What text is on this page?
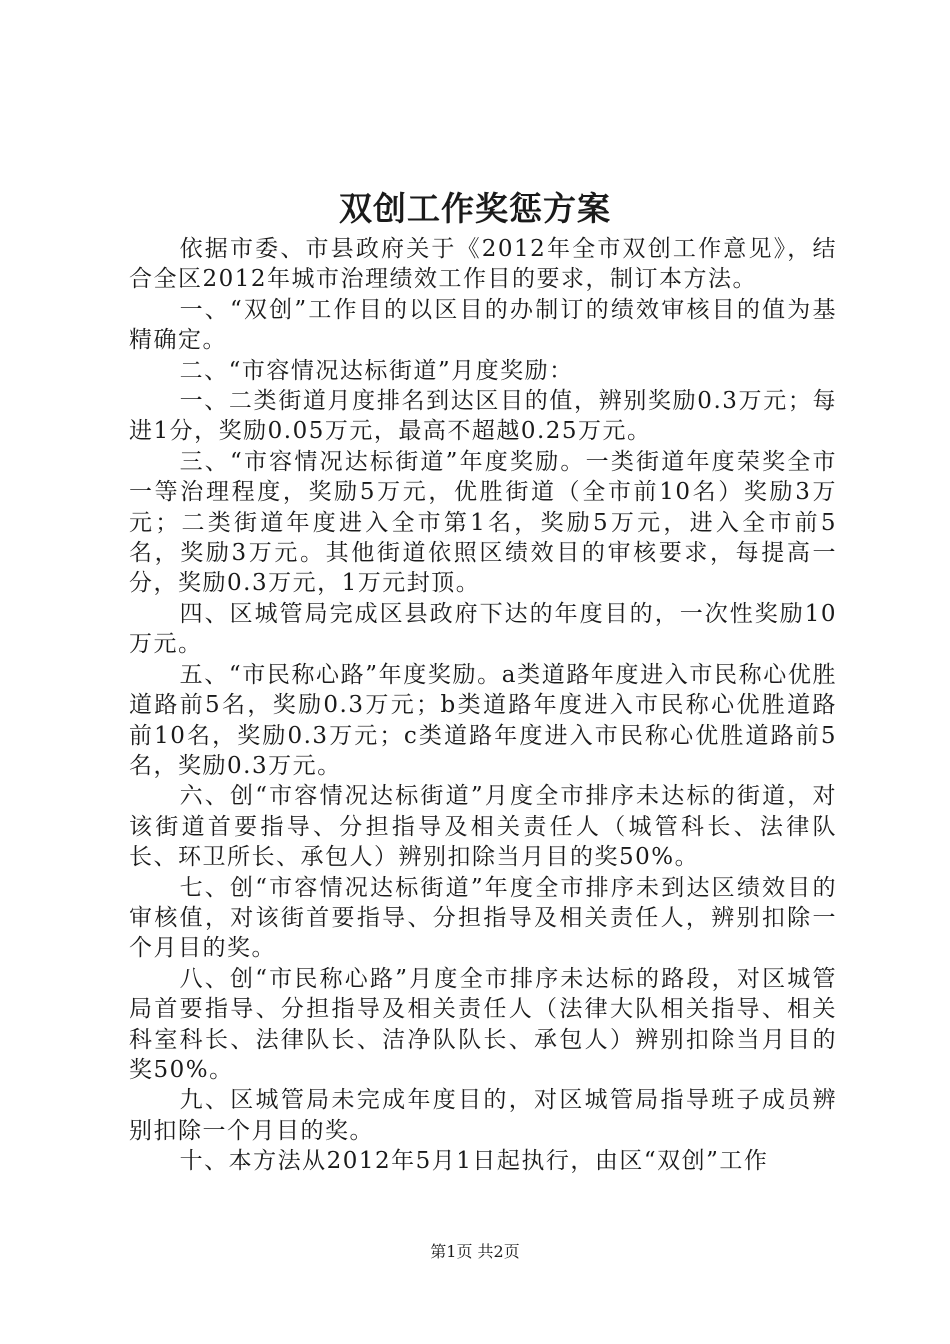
双创工作奖惩方案

依据市委、市县政府关于《2012年全市双创工作意见》，结合全区2012年城市治理绩效工作目的要求，制订本方法。

一、“双创”工作目的以区目的办制订的绩效审核目的值为基精确定。

二、“市容情况达标街道”月度奖励：

一、二类街道月度排名到达区目的值，辨别奖励0.3万元；每进1分，奖励0.05万元，最高不超越0.25万元。

三、“市容情况达标街道”年度奖励。一类街道年度荣奖全市一等治理程度，奖励5万元，优胜街道（全市前10名）奖励3万元；二类街道年度进入全市第1名，奖励5万元，进入全市前5名，奖励3万元。其他街道依照区绩效目的审核要求，每提高一分，奖励0.3万元，1万元封顶。

四、区城管局完成区县政府下达的年度目的，一次性奖励10万元。

五、“市民称心路”年度奖励。a类道路年度进入市民称心优胜道路前5名，奖励0.3万元；b类道路年度进入市民称心优胜道路前10名，奖励0.3万元；c类道路年度进入市民称心优胜道路前5名，奖励0.3万元。

六、创“市容情况达标街道”月度全市排序未达标的街道，对该街道首要指导、分担指导及相关责任人（城管科长、法律队长、环卫所长、承包人）辨别扣除当月目的奖50%。

七、创“市容情况达标街道”年度全市排序未到达区绩效目的审核值，对该街首要指导、分担指导及相关责任人，辨别扣除一个月目的奖。

八、创“市民称心路”月度全市排序未达标的路段，对区城管局首要指导、分担指导及相关责任人（法律大队相关指导、相关科室科长、法律队长、洁净队队长、承包人）辨别扣除当月目的奖50%。

九、区城管局未完成年度目的，对区城管局指导班子成员辨别扣除一个月目的奖。

十、本方法从2012年5月1日起执行，由区“双创”工作

第1页 共2页
